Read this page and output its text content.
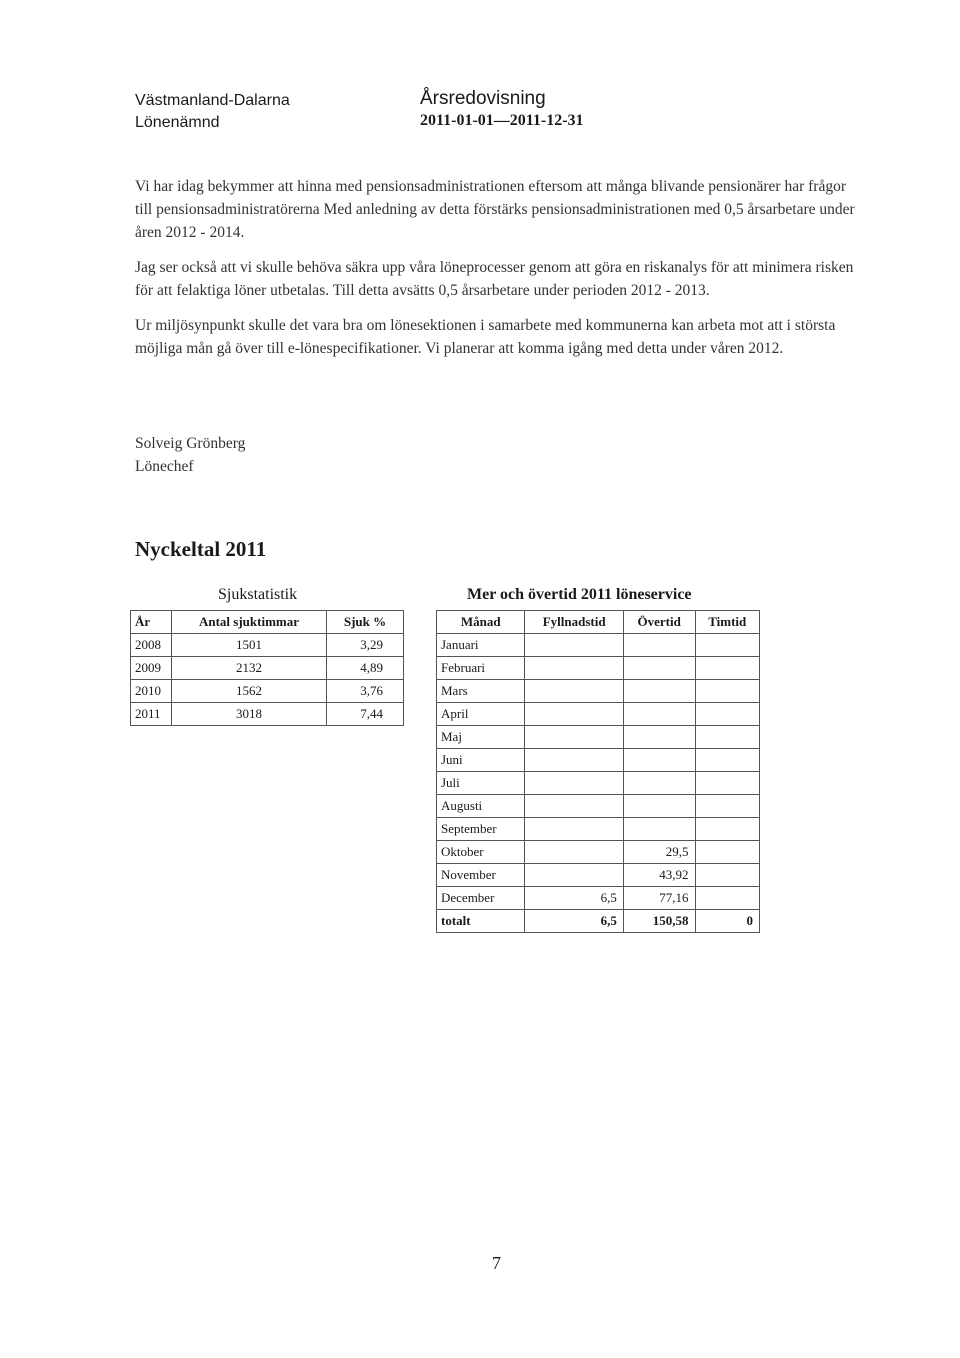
Västmanland-Dalarna
Lönenämnd
Årsredovisning
2011-01-01—2011-12-31

Vi har idag bekymmer att hinna med pensionsadministrationen eftersom att många blivande pensionärer har frågor till pensionsadministratörerna Med anledning av detta förstärks pensionsadministrationen med 0,5 årsarbetare under åren 2012 - 2014.

Jag ser också att vi skulle behöva säkra upp våra löneprocesser genom att göra en riskanalys för att minimera risken för att felaktiga löner utbetalas. Till detta avsätts 0,5 årsarbetare under perioden 2012 - 2013.

Ur miljösynpunkt skulle det vara bra om lönesektionen i samarbete med kommunerna kan arbeta mot att i största möjliga mån gå över till e-lönespecifikationer. Vi planerar att komma igång med detta under våren 2012.

Solveig Grönberg
Lönechef
Nyckeltal 2011
Sjukstatistik	Mer och övertid 2011 löneservice
År	Antal sjuktimmar	Sjuk %
2008	1501	3,29
2009	2132	4,89
2010	1562	3,76
2011	3018	7,44
Månad	Fyllnadstid	Övertid	Timtid
Januari			
Februari			
Mars			
April			
Maj			
Juni			
Juli			
Augusti			
September			
Oktober		29,5	
November		43,92	
December	6,5	77,16	
totalt	6,5	150,58	0
7
